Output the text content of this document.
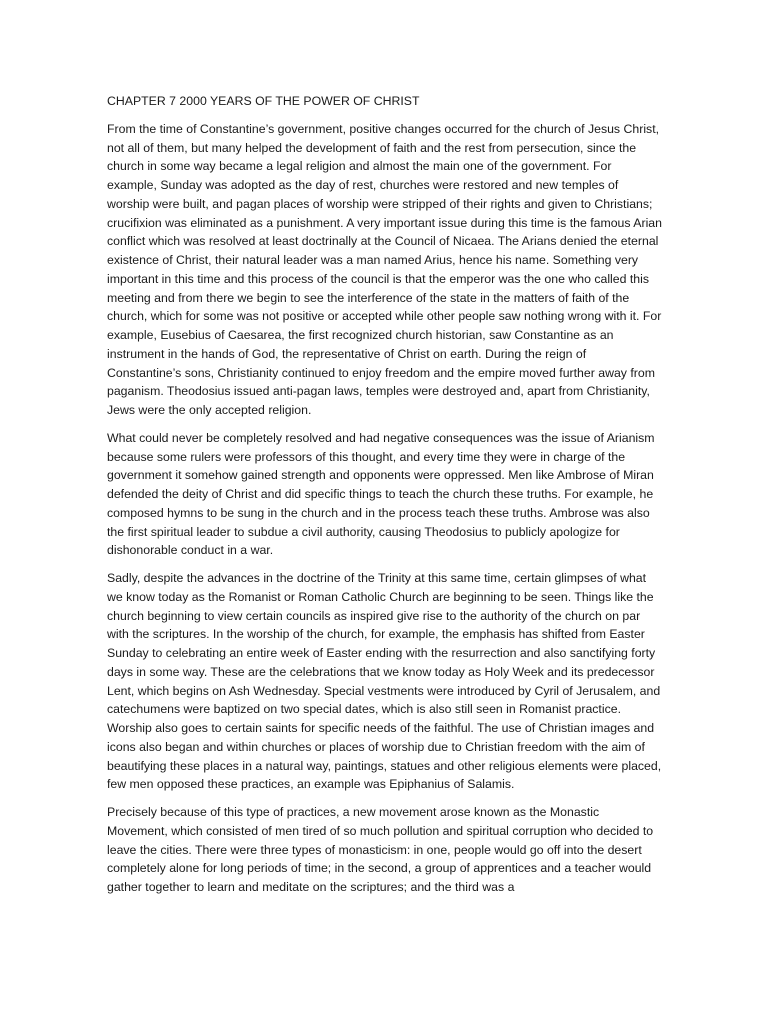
CHAPTER 7 2000 YEARS OF THE POWER OF CHRIST

From the time of Constantine’s government, positive changes occurred for the church of Jesus Christ, not all of them, but many helped the development of faith and the rest from persecution, since the church in some way became a legal religion and almost the main one of the government. For example, Sunday was adopted as the day of rest, churches were restored and new temples of worship were built, and pagan places of worship were stripped of their rights and given to Christians; crucifixion was eliminated as a punishment. A very important issue during this time is the famous Arian conflict which was resolved at least doctrinally at the Council of Nicaea. The Arians denied the eternal existence of Christ, their natural leader was a man named Arius, hence his name. Something very important in this time and this process of the council is that the emperor was the one who called this meeting and from there we begin to see the interference of the state in the matters of faith of the church, which for some was not positive or accepted while other people saw nothing wrong with it. For example, Eusebius of Caesarea, the first recognized church historian, saw Constantine as an instrument in the hands of God, the representative of Christ on earth. During the reign of Constantine’s sons, Christianity continued to enjoy freedom and the empire moved further away from paganism. Theodosius issued anti-pagan laws, temples were destroyed and, apart from Christianity, Jews were the only accepted religion.

What could never be completely resolved and had negative consequences was the issue of Arianism because some rulers were professors of this thought, and every time they were in charge of the government it somehow gained strength and opponents were oppressed. Men like Ambrose of Miran defended the deity of Christ and did specific things to teach the church these truths. For example, he composed hymns to be sung in the church and in the process teach these truths. Ambrose was also the first spiritual leader to subdue a civil authority, causing Theodosius to publicly apologize for dishonorable conduct in a war.

Sadly, despite the advances in the doctrine of the Trinity at this same time, certain glimpses of what we know today as the Romanist or Roman Catholic Church are beginning to be seen. Things like the church beginning to view certain councils as inspired give rise to the authority of the church on par with the scriptures. In the worship of the church, for example, the emphasis has shifted from Easter Sunday to celebrating an entire week of Easter ending with the resurrection and also sanctifying forty days in some way. These are the celebrations that we know today as Holy Week and its predecessor Lent, which begins on Ash Wednesday. Special vestments were introduced by Cyril of Jerusalem, and catechumens were baptized on two special dates, which is also still seen in Romanist practice. Worship also goes to certain saints for specific needs of the faithful. The use of Christian images and icons also began and within churches or places of worship due to Christian freedom with the aim of beautifying these places in a natural way, paintings, statues and other religious elements were placed, few men opposed these practices, an example was Epiphanius of Salamis.

Precisely because of this type of practices, a new movement arose known as the Monastic Movement, which consisted of men tired of so much pollution and spiritual corruption who decided to leave the cities. There were three types of monasticism: in one, people would go off into the desert completely alone for long periods of time; in the second, a group of apprentices and a teacher would gather together to learn and meditate on the scriptures; and the third was a
